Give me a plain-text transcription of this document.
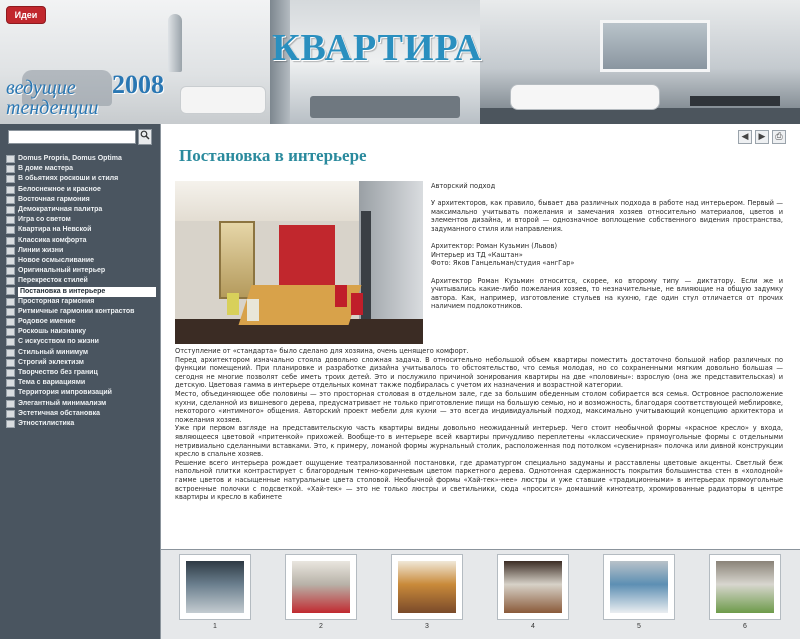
Идеи
КВАРТИРА
2008
ведущие
тенденции
Domus Propria, Domus Optima
В доме мастера
В обьятиях роскоши и стиля
Белоснежное и красное
Восточная гармония
Демократичная палитра
Игра со светом
Квартира на Невской
Классика комфорта
Линии жизни
Новое осмысливание
Оригинальный интерьер
Перекресток стилей
Постановка в интерьере
Просторная гармония
Ритмичные гармонии контрастов
Родовое имение
Роскошь наизнанку
С искусством по жизни
Стильный минимум
Строгий эклектизм
Творчество без границ
Тема с вариациями
Территория импровизаций
Элегантный минимализм
Эстетичная обстановка
Этностилистика
◀	▶	⎙
Постановка в интерьере

Авторский подход

У архитекторов, как правило, бывает два различных подхода в работе над интерьером. Первый — максимально учитывать пожелания и замечания хозяев относительно материалов, цветов и элементов дизайна, и второй — однозначное воплощение собственного видения пространства, задуманного стиля или направления.

Архитектор: Роман Кузьмин (Львов)
Интерьер из ТД «Каштан»
Фото: Яков Ганцельман/студия «ангГар»

Архитектор Роман Кузьмин относится, скорее, ко второму типу — диктатору. Если же и учитывались какие-либо пожелания хозяев, то незначительные, не влияющие на общую задумку автора. Как, например, изготовление стульев на кухню, где один стул отличается от прочих наличием подлокотников.

Отступление от «стандарта» было сделано для хозяина, очень ценящего комфорт.

Перед архитектором изначально стояла довольно сложная задача. В относительно небольшой объем квартиры поместить достаточно большой набор различных по функции помещений. При планировке и разработке дизайна учитывалось то обстоятельство, что семья молодая, но со сохраненными мягким довольно большая — сегодня не многие позволят себе иметь троих детей. Это и послужило причиной зонирования квартиры на две «половины»: взрослую (она же представительская) и детскую. Цветовая гамма в интерьере отдельных комнат также подбиралась с учетом их назначения и возрастной категории.

Место, объединяющее обе половины — это просторная столовая в отдельном зале, где за большим обеденным столом собирается вся семья. Островное расположение кухни, сделанной из вишневого дерева, предусматривает не только приготовление пищи на большую семью, но и возможность, благодаря соответствующей меблировке, некоторого «интимного» общения. Авторский проект мебели для кухни — это всегда индивидуальный подход, максимально учитывающий концепцию архитектора и пожелания хозяев.

Уже при первом взгляде на представительскую часть квартиры видны довольно неожиданный интерьер. Чего стоит необычной формы «красное кресло» у входа, являющееся цветовой «притенкой» прихожей. Вообще-то в интерьере всей квартиры причудливо переплетены «классические» прямоугольные формы с отдельными нетривиально сделанными вставками. Это, к примеру, ломаной формы журнальный столик, расположенная под потолком «сувенирная» полочка или дивной конструкции кресло в спальне хозяев.

Решение всего интерьера рождает ощущение театрализованной постановки, где драматургом специально задуманы и расставлены цветовые акценты. Светлый беж напольной плитки контрастирует с благородным темно-коричневым цветом паркетного дерева. Однотонная сдержанность покрытия большинства стен в «холодной» гамме цветов и насыщенные натуральные цвета столовой. Необычной формы «Хай-тек»-нее» люстры и уже ставшие «традиционными» в интерьерах прямоугольные встроенные полочки с подсветкой. «Хай-тек» — это не только люстры и светильники, сюда «просится» домашний кинотеатр, хромированные радиаторы в центре квартиры и кресло в кабинете

1	2	3	4	5	6
